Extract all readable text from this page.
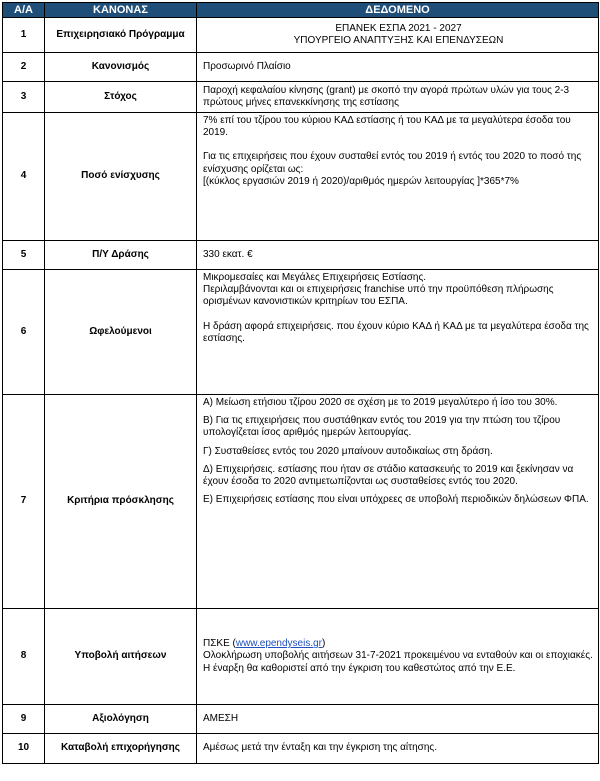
Α/Α	ΚΑΝΟΝΑΣ	ΔΕΔΟΜΕΝΟ
1	Επιχειρησιακό Πρόγραμμα	ΕΠΑΝΕΚ ΕΣΠΑ 2021 - 2027

ΥΠΟΥΡΓΕΙΟ ΑΝΑΠΤΥΞΗΣ ΚΑΙ ΕΠΕΝΔΥΣΕΩΝ

2	Κανονισμός	Προσωρινό Πλαίσιο
3	Στόχος	Παροχή κεφαλαίου κίνησης (grant) με σκοπό την αγορά πρώτων υλών για τους 2-3 πρώτους μήνες επανεκκίνησης της εστίασης
4	Ποσό ενίσχυσης	7% επί του τζίρου του κύριου ΚΑΔ εστίασης ή του ΚΑΔ με τα μεγαλύτερα έσοδα του 2019.

Για τις επιχειρήσεις που έχουν συσταθεί εντός του 2019 ή εντός του 2020 το ποσό της ενίσχυσης ορίζεται ως:

[(κύκλος εργασιών 2019 ή 2020)/αριθμός ημερών λειτουργίας ]*365*7%

5	Π/Υ Δράσης	330 εκατ. €
6	Ωφελούμενοι	Μικρομεσαίες και Μεγάλες Επιχειρήσεις Εστίασης.

Περιλαμβάνονται και οι επιχειρήσεις franchise υπό την προϋπόθεση πλήρωσης ορισμένων κανονιστικών κριτηρίων του ΕΣΠΑ.

Η δράση αφορά επιχειρήσεις. που έχουν κύριο ΚΑΔ ή ΚΑΔ με τα μεγαλύτερα έσοδα της εστίασης.

7	Κριτήρια πρόσκλησης	Α) Μείωση ετήσιου τζίρου 2020 σε σχέση με το 2019 μεγαλύτερο ή ίσο του 30%.

Β) Για τις επιχειρήσεις που συστάθηκαν εντός του 2019 για την πτώση του τζίρου υπολογίζεται ίσος αριθμός ημερών λειτουργίας.

Γ) Συσταθείσες εντός του 2020 μπαίνουν αυτοδικαίως στη δράση.

Δ) Επιχειρήσεις. εστίασης που ήταν σε στάδιο κατασκευής το 2019 και ξεκίνησαν να έχουν έσοδα το 2020 αντιμετωπίζονται ως συσταθείσες εντός του 2020.

Ε) Επιχειρήσεις εστίασης που είναι υπόχρεες σε υποβολή περιοδικών δηλώσεων ΦΠΑ.

8	Υποβολή αιτήσεων	ΠΣΚΕ (www.ependyseis.gr)

Ολοκλήρωση υποβολής αιτήσεων 31-7-2021 προκειμένου να ενταθούν και οι εποχιακές. Η έναρξη θα καθοριστεί από την έγκριση του καθεστώτος από την Ε.Ε.

9	Αξιολόγηση	ΑΜΕΣΗ
10	Καταβολή επιχορήγησης	Αμέσως μετά την ένταξη και την έγκριση της αίτησης.
